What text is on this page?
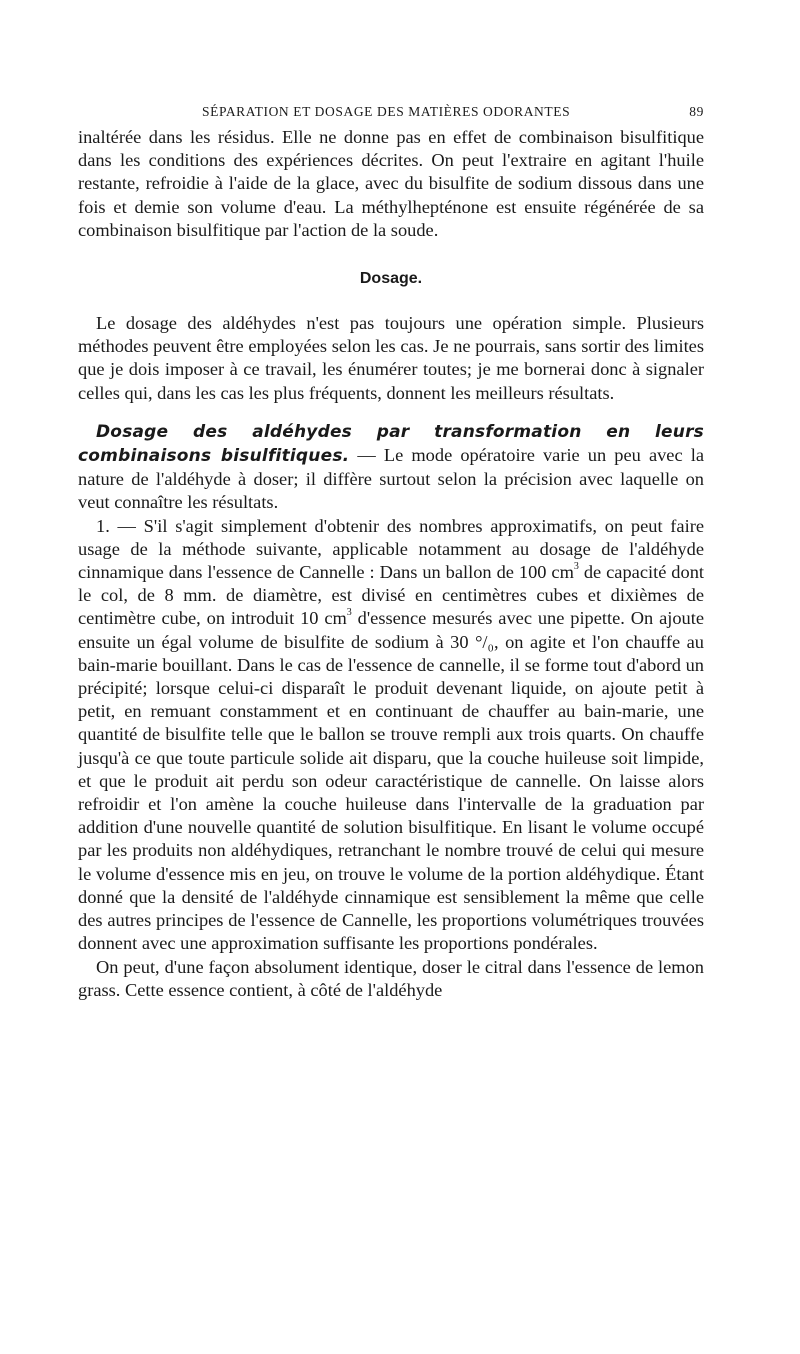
SÉPARATION ET DOSAGE DES MATIÈRES ODORANTES	89

inaltérée dans les résidus. Elle ne donne pas en effet de combinaison bisulfitique dans les conditions des expériences décrites. On peut l'extraire en agitant l'huile restante, refroidie à l'aide de la glace, avec du bisulfite de sodium dissous dans une fois et demie son volume d'eau. La méthylhepténone est ensuite régénérée de sa combinaison bisulfitique par l'action de la soude.

Dosage.

Le dosage des aldéhydes n'est pas toujours une opération simple. Plusieurs méthodes peuvent être employées selon les cas. Je ne pourrais, sans sortir des limites que je dois imposer à ce travail, les énumérer toutes; je me bornerai donc à signaler celles qui, dans les cas les plus fréquents, donnent les meilleurs résultats.

Dosage des aldéhydes par transformation en leurs combinaisons bisulfitiques. — Le mode opératoire varie un peu avec la nature de l'aldéhyde à doser; il diffère surtout selon la précision avec laquelle on veut connaître les résultats.

1. — S'il s'agit simplement d'obtenir des nombres approximatifs, on peut faire usage de la méthode suivante, applicable notamment au dosage de l'aldéhyde cinnamique dans l'essence de Cannelle : Dans un ballon de 100 $cm^3$ de capacité dont le col, de 8 mm. de diamètre, est divisé en centimètres cubes et dixièmes de centimètre cube, on introduit 10 $cm^3$ d'essence mesurés avec une pipette. On ajoute ensuite un égal volume de bisulfite de sodium à 30 °/₀, on agite et l'on chauffe au bain-marie bouillant. Dans le cas de l'essence de cannelle, il se forme tout d'abord un précipité; lorsque celui-ci disparaît le produit devenant liquide, on ajoute petit à petit, en remuant constamment et en continuant de chauffer au bain-marie, une quantité de bisulfite telle que le ballon se trouve rempli aux trois quarts. On chauffe jusqu'à ce que toute particule solide ait disparu, que la couche huileuse soit limpide, et que le produit ait perdu son odeur caractéristique de cannelle. On laisse alors refroidir et l'on amène la couche huileuse dans l'intervalle de la graduation par addition d'une nouvelle quantité de solution bisulfitique. En lisant le volume occupé par les produits non aldéhydiques, retranchant le nombre trouvé de celui qui mesure le volume d'essence mis en jeu, on trouve le volume de la portion aldéhydique. Étant donné que la densité de l'aldéhyde cinnamique est sensiblement la même que celle des autres principes de l'essence de Cannelle, les proportions volumétriques trouvées donnent avec une approximation suffisante les proportions pondérales.

On peut, d'une façon absolument identique, doser le citral dans l'essence de lemon grass. Cette essence contient, à côté de l'aldéhyde
